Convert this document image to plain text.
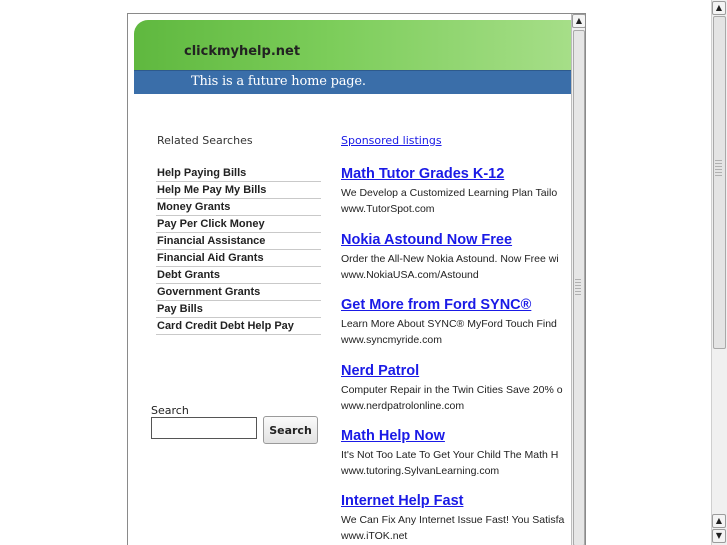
clickmyhelp.net
This is a future home page.
Related Searches
Help Paying Bills
Help Me Pay My Bills
Money Grants
Pay Per Click Money
Financial Assistance
Financial Aid Grants
Debt Grants
Government Grants
Pay Bills
Card Credit Debt Help Pay
Search
Search
Sponsored listings
Math Tutor Grades K-12
We Develop a Customized Learning Plan Tailo
www.TutorSpot.com
Nokia Astound Now Free
Order the All-New Nokia Astound. Now Free wi
www.NokiaUSA.com/Astound
Get More from Ford SYNC®
Learn More About SYNC® MyFord Touch Find
www.syncmyride.com
Nerd Patrol
Computer Repair in the Twin Cities Save 20% o
www.nerdpatrolonline.com
Math Help Now
It's Not Too Late To Get Your Child The Math H
www.tutoring.SylvanLearning.com
Internet Help Fast
We Can Fix Any Internet Issue Fast! You Satisfa
www.iTOK.net
▲
▲
▲
▼
